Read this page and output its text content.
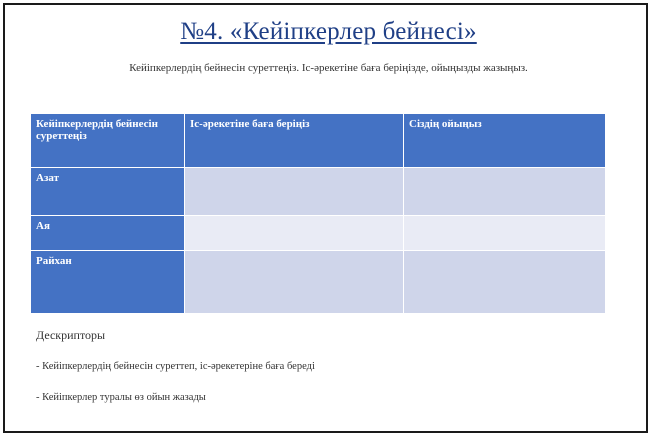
№4. «Кейіпкерлер бейнесі»
Кейіпкерлердің бейнесін суреттеңіз. Іс-әрекетіне баға беріңізде, ойыңызды жазыңыз.
Кейіпкерлердің бейнесін суреттеңіз	Іс-әрекетіне баға беріңіз	Сіздің ойыңыз
Азат		
Ая		
Райхан		
Дескрипторы
- Кейіпкерлердің бейнесін суреттеп, іс-әрекетеріне баға береді
- Кейіпкерлер туралы өз ойын жазады
